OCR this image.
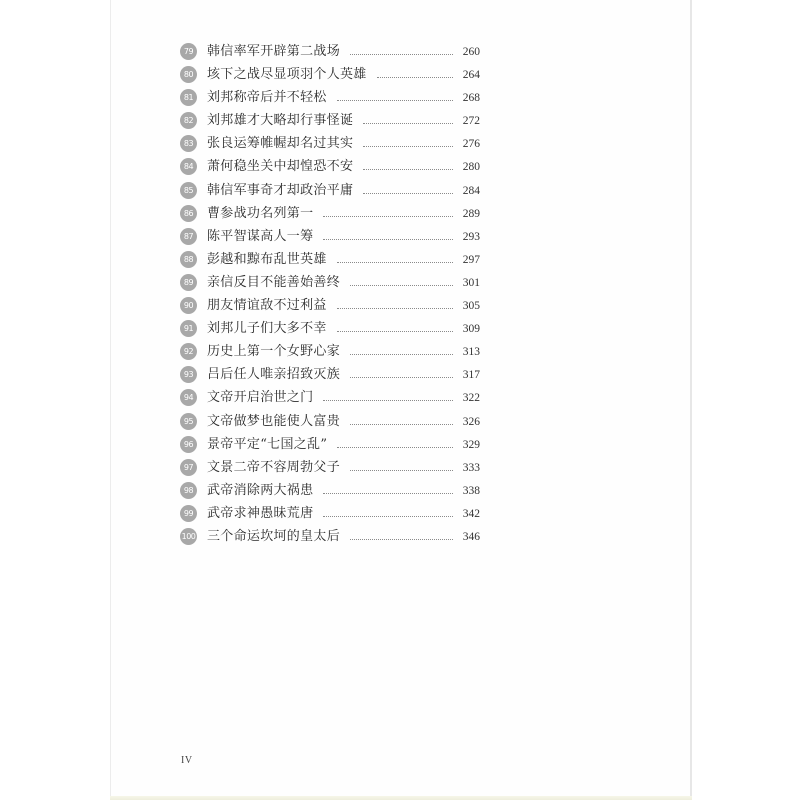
79	韩信率军开辟第二战场	260
80	垓下之战尽显项羽个人英雄	264
81	刘邦称帝后并不轻松	268
82	刘邦雄才大略却行事怪诞	272
83	张良运筹帷幄却名过其实	276
84	萧何稳坐关中却惶恐不安	280
85	韩信军事奇才却政治平庸	284
86	曹参战功名列第一	289
87	陈平智谋高人一筹	293
88	彭越和黥布乱世英雄	297
89	亲信反目不能善始善终	301
90	朋友情谊敌不过利益	305
91	刘邦儿子们大多不幸	309
92	历史上第一个女野心家	313
93	吕后任人唯亲招致灭族	317
94	文帝开启治世之门	322
95	文帝做梦也能使人富贵	326
96	景帝平定“七国之乱”	329
97	文景二帝不容周勃父子	333
98	武帝消除两大祸患	338
99	武帝求神愚昧荒唐	342
100 三个命运坎坷的皇太后	346
IV
